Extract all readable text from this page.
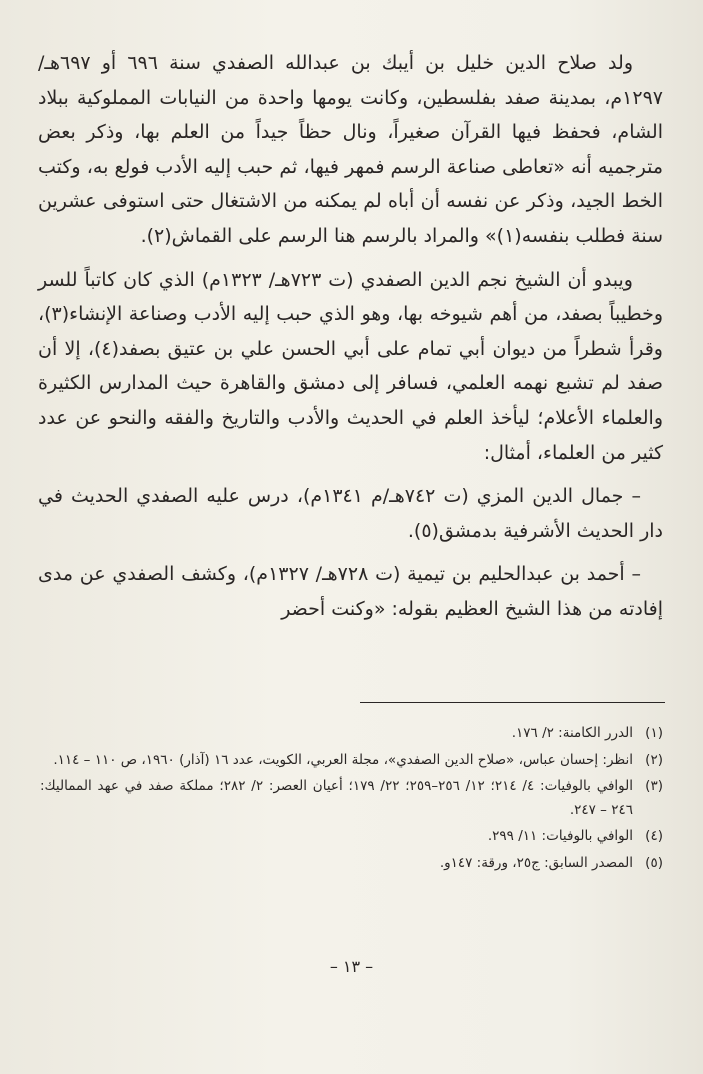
ولد صلاح الدين خليل بن أيبك بن عبدالله الصفدي سنة ٦٩٦ أو ٦٩٧هـ/ ١٢٩٧م، بمدينة صفد بفلسطين، وكانت يومها واحدة من النيابات المملوكية ببلاد الشام، فحفظ فيها القرآن صغيراً، ونال حظاً جيداً من العلم بها، وذكر بعض مترجميه أنه «تعاطى صناعة الرسم فمهر فيها، ثم حبب إليه الأدب فولع به، وكتب الخط الجيد، وذكر عن نفسه أن أباه لم يمكنه من الاشتغال حتى استوفى عشرين سنة فطلب بنفسه(١)» والمراد بالرسم هنا الرسم على القماش(٢).

ويبدو أن الشيخ نجم الدين الصفدي (ت ٧٢٣هـ/ ١٣٢٣م) الذي كان كاتباً للسر وخطيباً بصفد، من أهم شيوخه بها، وهو الذي حبب إليه الأدب وصناعة الإنشاء(٣)، وقرأ شطراً من ديوان أبي تمام على أبي الحسن علي بن عتيق بصفد(٤)، إلا أن صفد لم تشبع نهمه العلمي، فسافر إلى دمشق والقاهرة حيث المدارس الكثيرة والعلماء الأعلام؛ ليأخذ العلم في الحديث والأدب والتاريخ والفقه والنحو عن عدد كثير من العلماء، أمثال:

– جمال الدين المزي (ت ٧٤٢هـ/م ١٣٤١م)، درس عليه الصفدي الحديث في دار الحديث الأشرفية بدمشق(٥).

– أحمد بن عبدالحليم بن تيمية (ت ٧٢٨هـ/ ١٣٢٧م)، وكشف الصفدي عن مدى إفادته من هذا الشيخ العظيم بقوله: «وكنت أحضر

(١)
الدرر الكامنة: ٢/ ١٧٦.
(٢)
انظر: إحسان عباس، «صلاح الدين الصفدي»، مجلة العربي، الكويت، عدد ١٦ (آذار) ١٩٦٠، ص ١١٠ – ١١٤.
(٣)
الوافي بالوفيات: ٤/ ٢١٤؛ ١٢/ ٢٥٦–٢٥٩؛ ٢٢/ ١٧٩؛ أعيان العصر: ٢/ ٢٨٢؛ مملكة صفد في عهد المماليك: ٢٤٦ – ٢٤٧.
(٤)
الوافي بالوفيات: ١١/ ٢٩٩.
(٥)
المصدر السابق: ج٢٥، ورقة: ١٤٧و.
– ١٣ –
